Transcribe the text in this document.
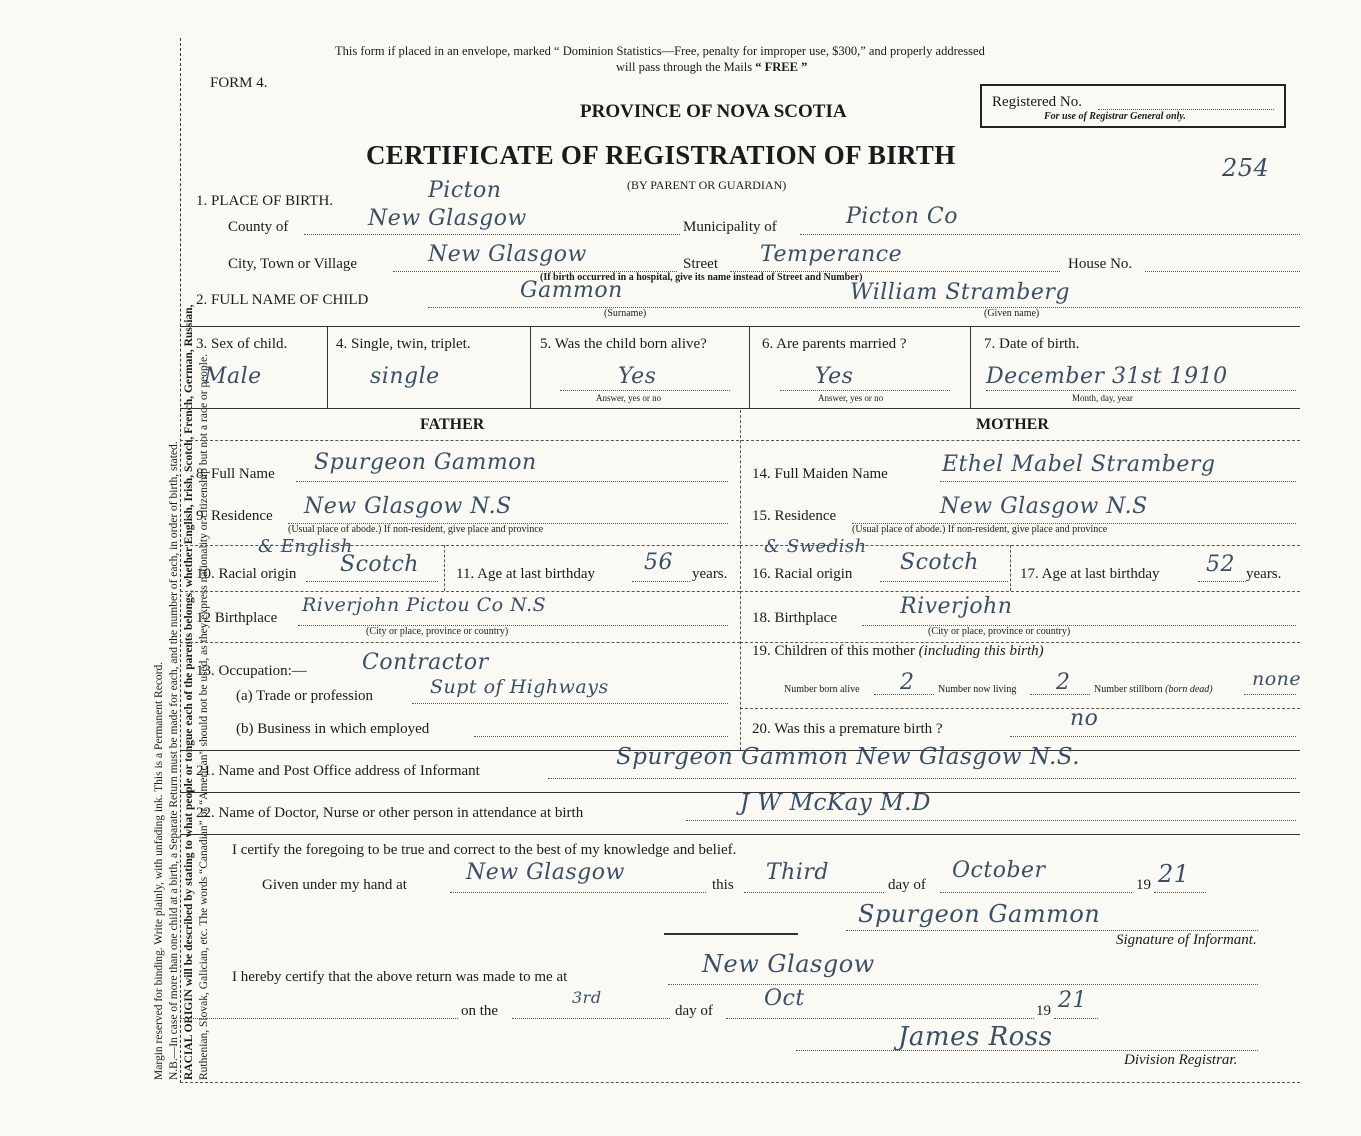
Margin reserved for binding. Write plainly, with unfading ink. This is a Permanent Record. N.B.—In case of more than one child at a birth, a Separate Return must be made for each, and the number of each, in order of birth, stated. RACIAL ORIGIN will be described by stating to what people or tongue each of the parents belongs, whether English, Irish, Scotch, French, German, Russian, Ruthenian, Slovak, Galician, etc. The words “Canadian” or “American” should not be used, as they express nationality or citizenship but not a race or people.
This form if placed in an envelope, marked “ Dominion Statistics—Free, penalty for improper use, $300,” and properly addressed
will pass through the Mails “ FREE ”
FORM 4.
PROVINCE OF NOVA SCOTIA	Registered No.
For use of Registrar General only.
CERTIFICATE OF REGISTRATION OF BIRTH
(BY PARENT OR GUARDIAN)
254
1. PLACE OF BIRTH.	Picton
County of	New Glasgow	Municipality of	Picton Co
City, Town or Village	New Glasgow	Street Temperance	House No.
(If birth occurred in a hospital, give its name instead of Street and Number)
2. FULL NAME OF CHILD	Gammon
(Surname)
William Stramberg
(Given name)
3. Sex of child.
Male
4. Single, twin, triplet.
single
5. Was the child born alive?
Yes
Answer, yes or no
6. Are parents married ?
Yes
Answer, yes or no
7. Date of birth.
December 31st 1910
Month, day, year
FATHER	MOTHER
8. Full Name Spurgeon Gammon
9. Residence New Glasgow N.S
(Usual place of abode.) If non-resident, give place and province
& English
10. Racial origin Scotch 11. Age at last birthday 56 years.
12 Birthplace
Riverjohn Pictou Co N.S
(City or place, province or country)
13. Occupation:—	Contractor
(a) Trade or profession	Supt of Highways
(b) Business in which employed
14. Full Maiden Name Ethel Mabel Stramberg
15. Residence	New Glasgow N.S
(Usual place of abode.) If non-resident, give place and province
& Swedish
16. Racial origin Scotch	17. Age at last birthday 52 years.
18. Birthplace	Riverjohn
(City or place, province or country)
19. Children of this mother (including this birth)
Number born alive 2 Number now living 2 Number stillborn (born dead) none
20. Was this a premature birth ?	no
21. Name and Post Office address of Informant
Spurgeon Gammon New Glasgow N.S.
22. Name of Doctor, Nurse or other person in attendance at birth	J W McKay M.D
I certify the foregoing to be true and correct to the best of my knowledge and belief.
Given under my hand at	New Glasgow	this Third	day of
October
19 21
Spurgeon Gammon
Signature of Informant.
I hereby certify that the above return was made to me at	New Glasgow
on the
3rd
day of Oct	19 21
James Ross
Division Registrar.
